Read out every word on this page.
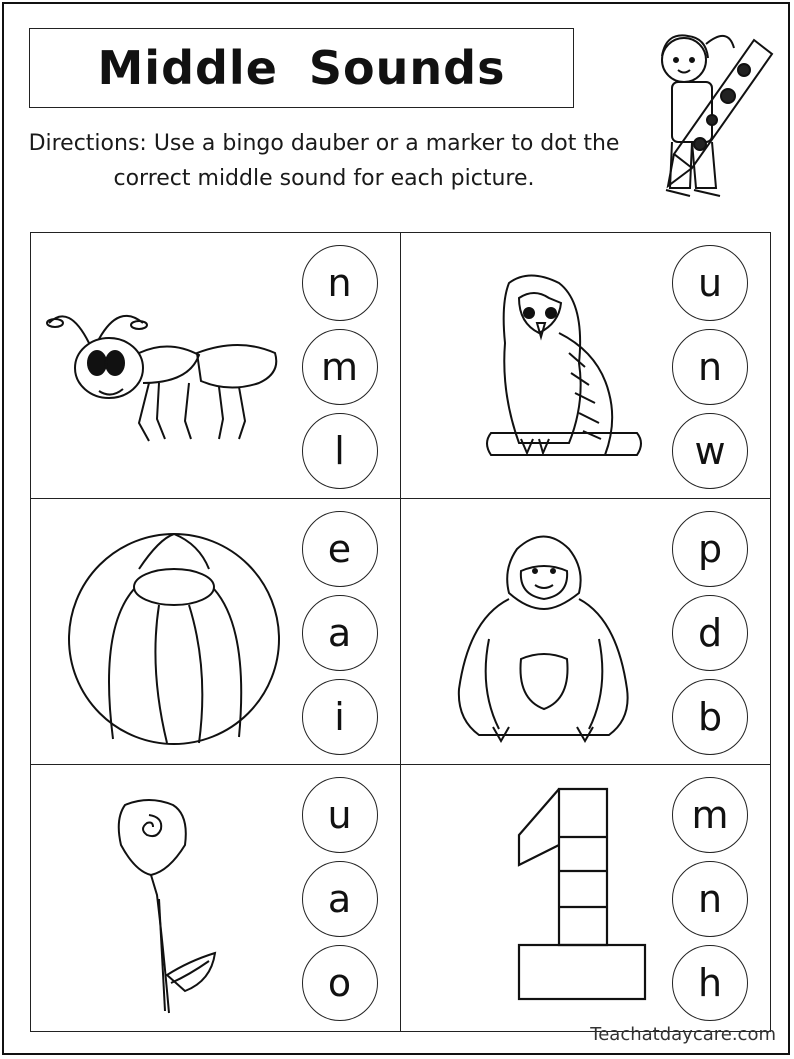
Middle Sounds
Directions: Use a bingo dauber or a marker to dot the correct middle sound for each picture.
n
m
l
u
n
w
e
a
i
p
d
b
u
a
o
m
n
h
Teachatdaycare.com
